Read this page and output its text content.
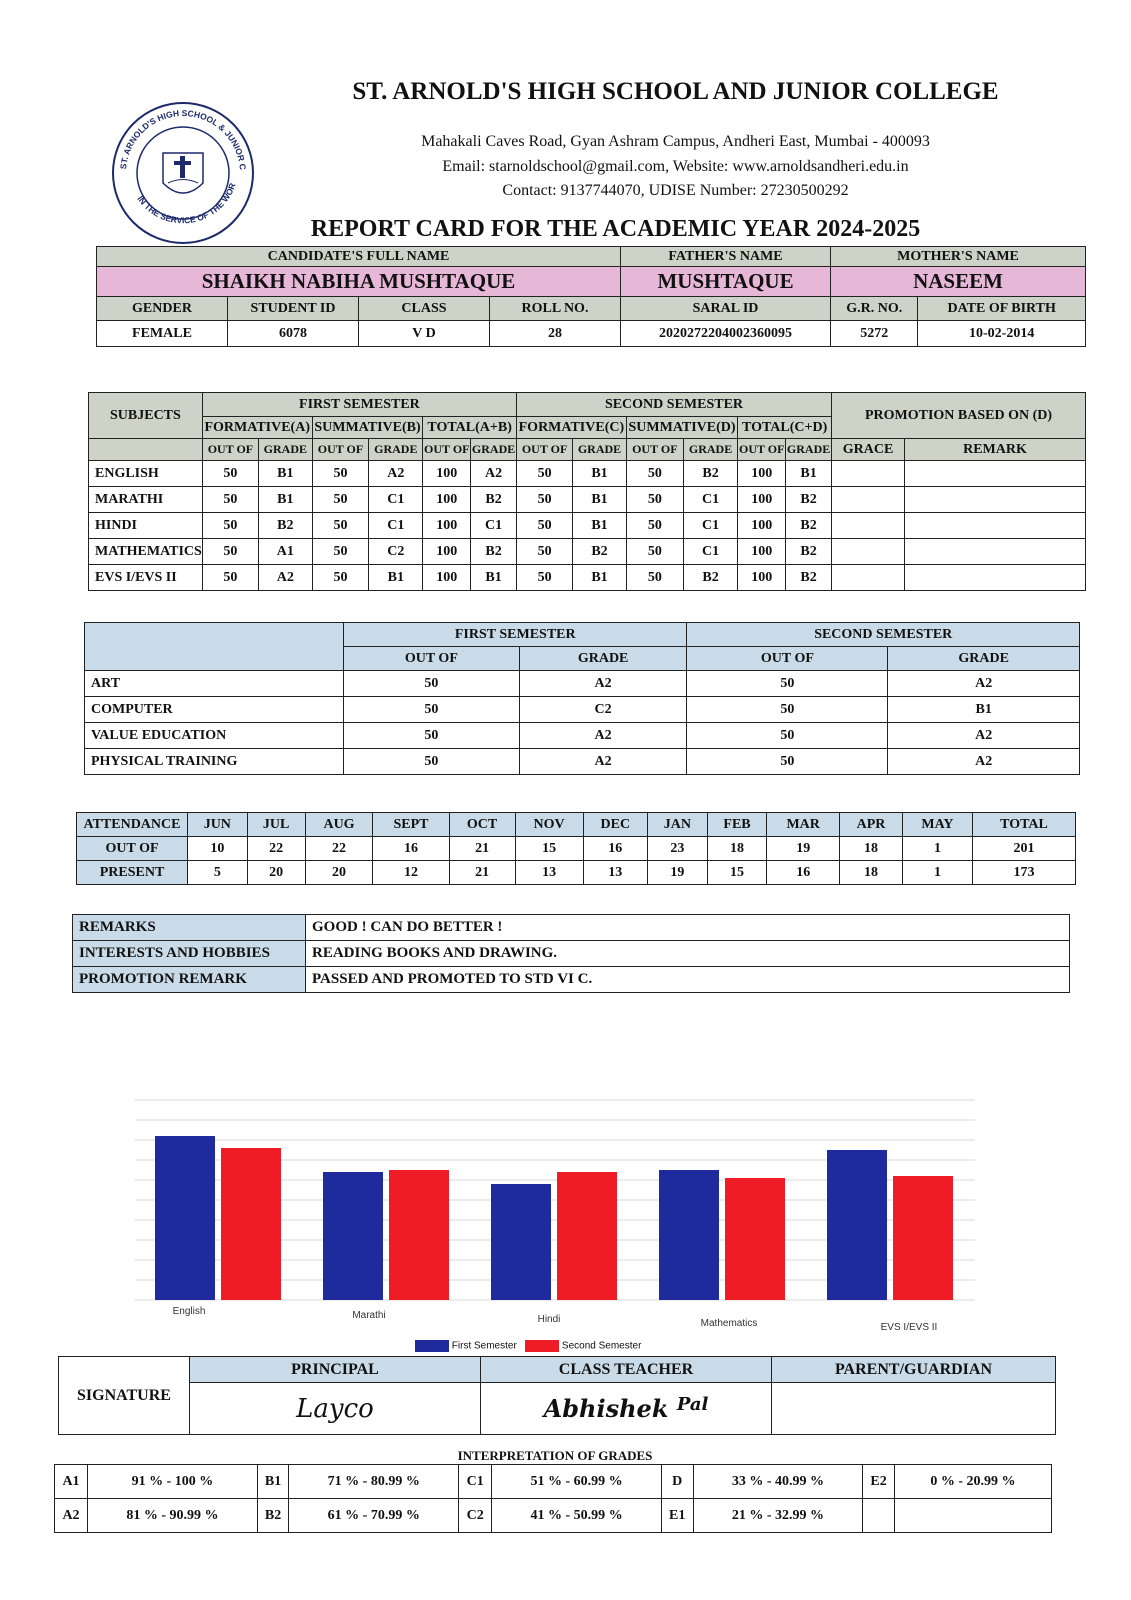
ST. ARNOLD'S HIGH SCHOOL & JUNIOR C
IN THE SERVICE OF THE WOR
ST. ARNOLD'S HIGH SCHOOL AND JUNIOR COLLEGE
Mahakali Caves Road, Gyan Ashram Campus, Andheri East, Mumbai - 400093
Email: starnoldschool@gmail.com, Website: www.arnoldsandheri.edu.in
Contact: 9137744070, UDISE Number: 27230500292
REPORT CARD FOR THE ACADEMIC YEAR 2024-2025
CANDIDATE'S FULL NAME				FATHER'S NAME	MOTHER'S NAME	
SHAIKH NABIHA MUSHTAQUE				MUSHTAQUE	NASEEM	
GENDER	STUDENT ID	CLASS	ROLL NO.	SARAL ID	G.R. NO.	DATE OF BIRTH
FEMALE	6078	V D	28	2020272204002360095	5272	10-02-2014
SUBJECTS	FIRST SEMESTER						SECOND SEMESTER						PROMOTION BASED ON (D)	
	FORMATIVE(A)		SUMMATIVE(B)		TOTAL(A+B)		FORMATIVE(C)		SUMMATIVE(D)		TOTAL(C+D)			
	OUT OF	GRADE	OUT OF	GRADE	OUT OF	GRADE	OUT OF	GRADE	OUT OF	GRADE	OUT OF	GRADE	GRACE	REMARK
ENGLISH	50	B1	50	A2	100	A2	50	B1	50	B2	100	B1		
MARATHI	50	B1	50	C1	100	B2	50	B1	50	C1	100	B2		
HINDI	50	B2	50	C1	100	C1	50	B1	50	C1	100	B2		
MATHEMATICS	50	A1	50	C2	100	B2	50	B2	50	C1	100	B2		
EVS I/EVS II	50	A2	50	B1	100	B1	50	B1	50	B2	100	B2		
	FIRST SEMESTER		SECOND SEMESTER	
	OUT OF	GRADE	OUT OF	GRADE
ART	50	A2	50	A2
COMPUTER	50	C2	50	B1
VALUE EDUCATION	50	A2	50	A2
PHYSICAL TRAINING	50	A2	50	A2
ATTENDANCE	JUN	JUL	AUG	SEPT	OCT	NOV	DEC	JAN	FEB	MAR	APR	MAY	TOTAL
OUT OF	10	22	22	16	21	15	16	23	18	19	18	1	201
PRESENT	5	20	20	12	21	13	13	19	15	16	18	1	173
REMARKS	GOOD ! CAN DO BETTER !
INTERESTS AND HOBBIES	READING BOOKS AND DRAWING.
PROMOTION REMARK	PASSED AND PROMOTED TO STD VI C.
English	Marathi	Hindi	Mathematics	EVS I/EVS II
First Semester	Second Semester
SIGNATURE	PRINCIPAL	CLASS TEACHER	PARENT/GUARDIAN
	Layco	Abhishek $^{Pal}$	
INTERPRETATION OF GRADES
A1	91 % - 100 %	B1	71 % - 80.99 %	C1	51 % - 60.99 %	D	33 % - 40.99 %	E2	0 % - 20.99 %
A2	81 % - 90.99 %	B2	61 % - 70.99 %	C2	41 % - 50.99 %	E1	21 % - 32.99 %		
